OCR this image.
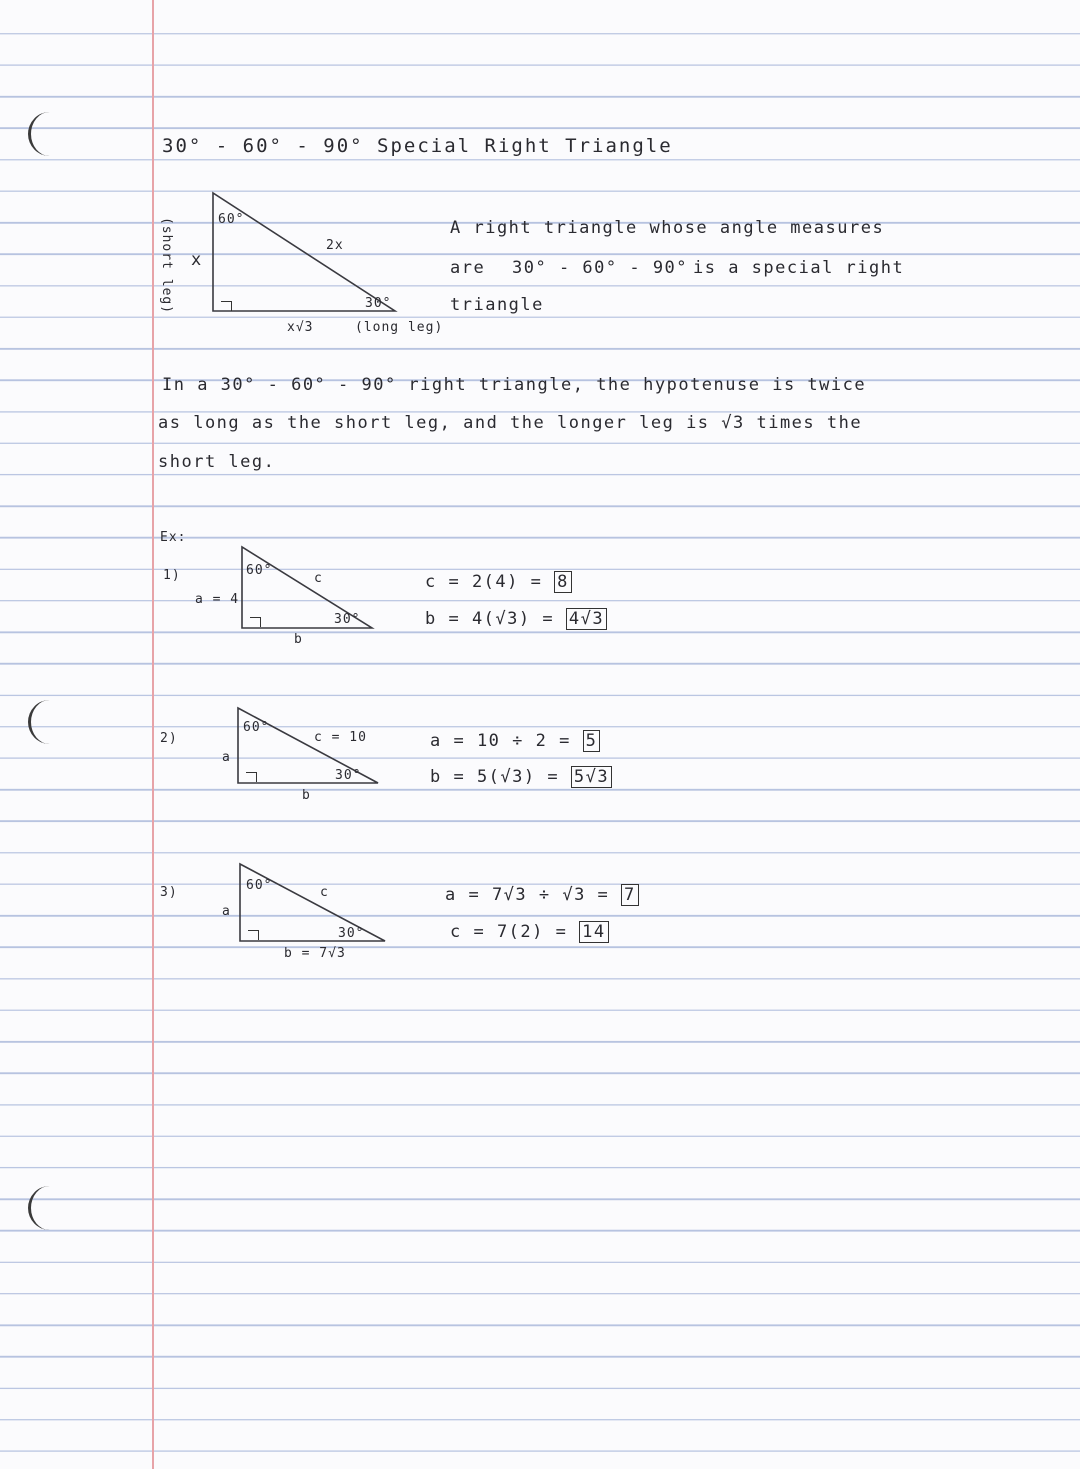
30° - 60° - 90° Special Right Triangle
60°
30°
2x
x
(short leg)
x√3	(long leg)
A right triangle whose angle measures
are 30° - 60° - 90° is a special right
triangle
In a 30° - 60° - 90° right triangle, the hypotenuse is twice
as long as the short leg, and the longer leg is √3 times the
short leg.
Ex:
1)	60°
30°
a = 4
c
b
c = 2(4) = 8
b = 4(√3) = 4√3
2)
60°
30°
a
c = 10
b
a = 10 ÷ 2 = 5
b = 5(√3) = 5√3
3)	60°
30°
a
c
b = 7√3
a = 7√3 ÷ √3 = 7
c = 7(2) = 14
